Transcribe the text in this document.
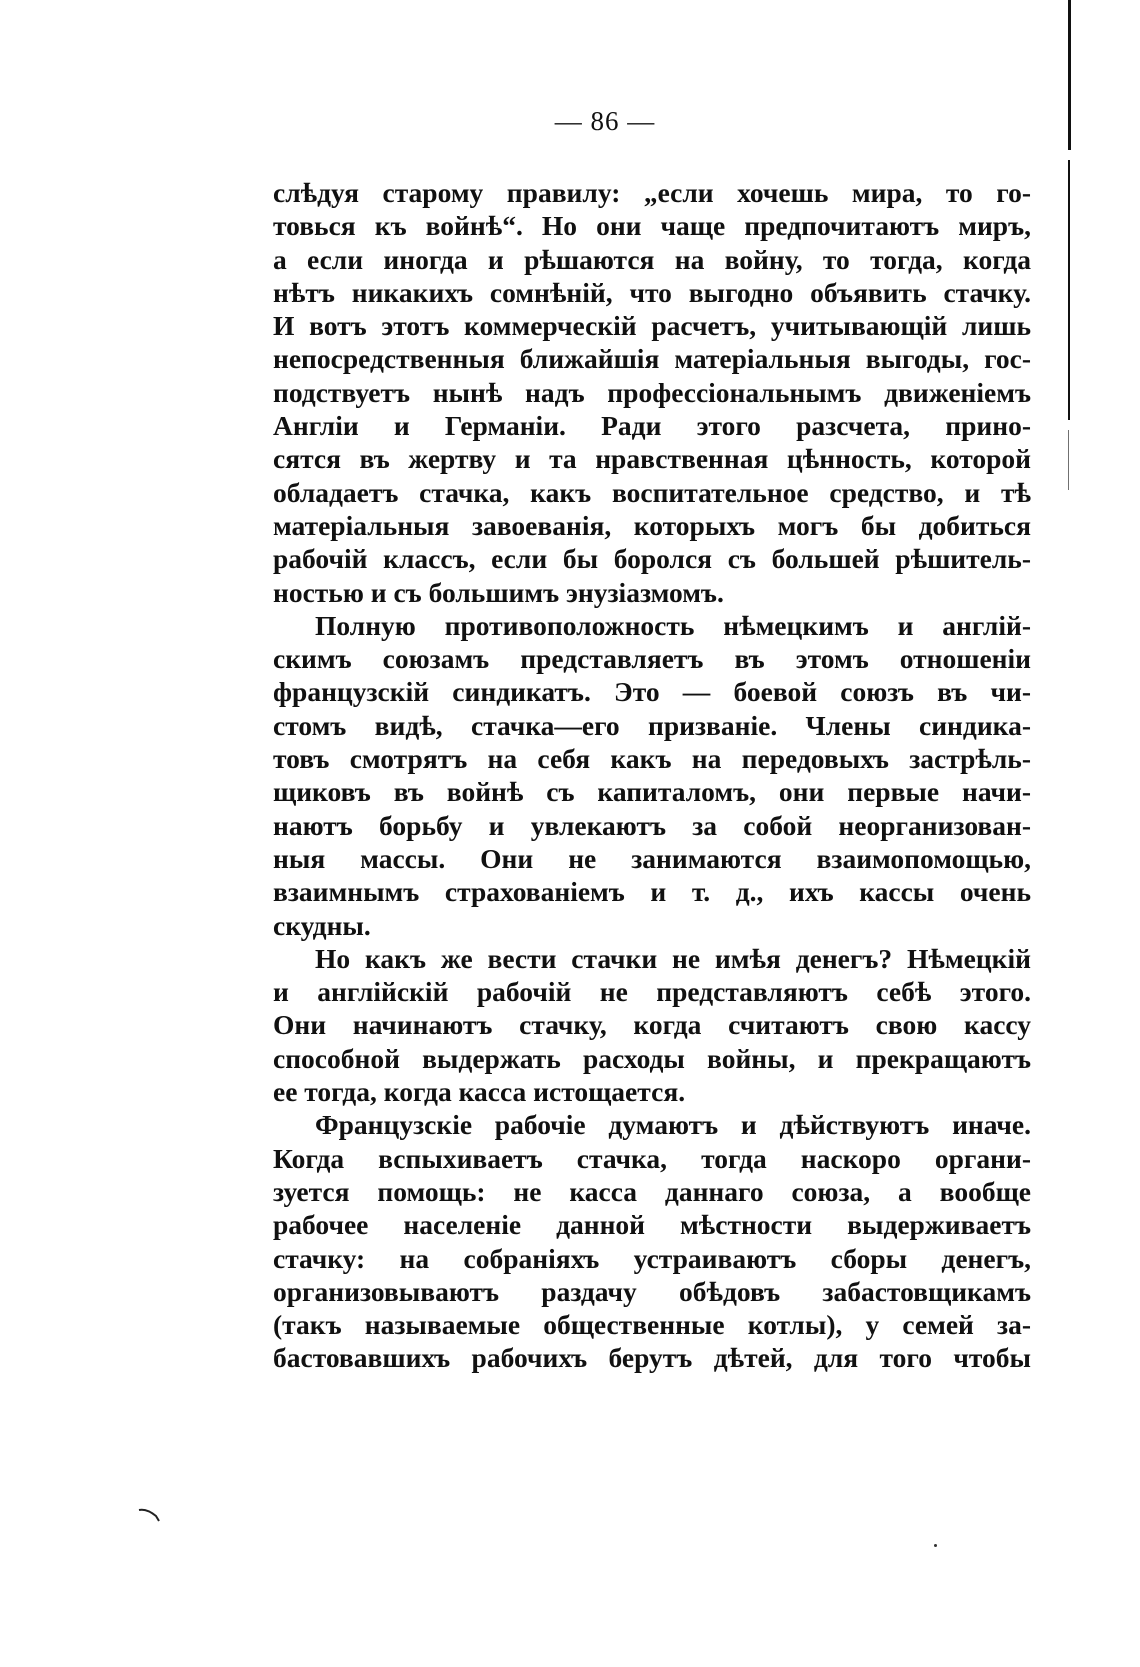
— 86 —
слѣдуя старому правилу: „если хочешь мира, то го-
товься къ войнѣ“. Но они чаще предпочитаютъ миръ,
а если иногда и рѣшаются на войну, то тогда, когда
нѣтъ никакихъ сомнѣній, что выгодно объявить стачку.
И вотъ этотъ коммерческій расчетъ, учитывающій лишь
непосредственныя ближайшія матеріальныя выгоды, гос-
подствуетъ нынѣ надъ профессіональнымъ движеніемъ
Англіи и Германіи. Ради этого разсчета, прино-
сятся въ жертву и та нравственная цѣнность, которой
обладаетъ стачка, какъ воспитательное средство, и тѣ
матеріальныя завоеванія, которыхъ могъ бы добиться
рабочій классъ, если бы боролся съ большей рѣшитель-
ностью и съ большимъ энузіазмомъ.
Полную противоположность нѣмецкимъ и англій-
скимъ союзамъ представляетъ въ этомъ отношеніи
французскій синдикатъ. Это — боевой союзъ въ чи-
стомъ видѣ, стачка—его призваніе. Члены синдика-
товъ смотрятъ на себя какъ на передовыхъ застрѣль-
щиковъ въ войнѣ съ капиталомъ, они первые начи-
наютъ борьбу и увлекаютъ за собой неорганизован-
ныя массы. Они не занимаются взаимопомощью,
взаимнымъ страхованіемъ и т. д., ихъ кассы очень
скудны.
Но какъ же вести стачки не имѣя денегъ? Нѣмецкій
и англійскій рабочій не представляютъ себѣ этого.
Они начинаютъ стачку, когда считаютъ свою кассу
способной выдержать расходы войны, и прекращаютъ
ее тогда, когда касса истощается.
Французскіе рабочіе думаютъ и дѣйствуютъ иначе.
Когда вспыхиваетъ стачка, тогда наскоро органи-
зуется помощь: не касса даннаго союза, а вообще
рабочее населеніе данной мѣстности выдерживаетъ
стачку: на собраніяхъ устраиваютъ сборы денегъ,
организовываютъ раздачу обѣдовъ забастовщикамъ
(такъ называемые общественные котлы), у семей за-
бастовавшихъ рабочихъ берутъ дѣтей, для того чтобы
